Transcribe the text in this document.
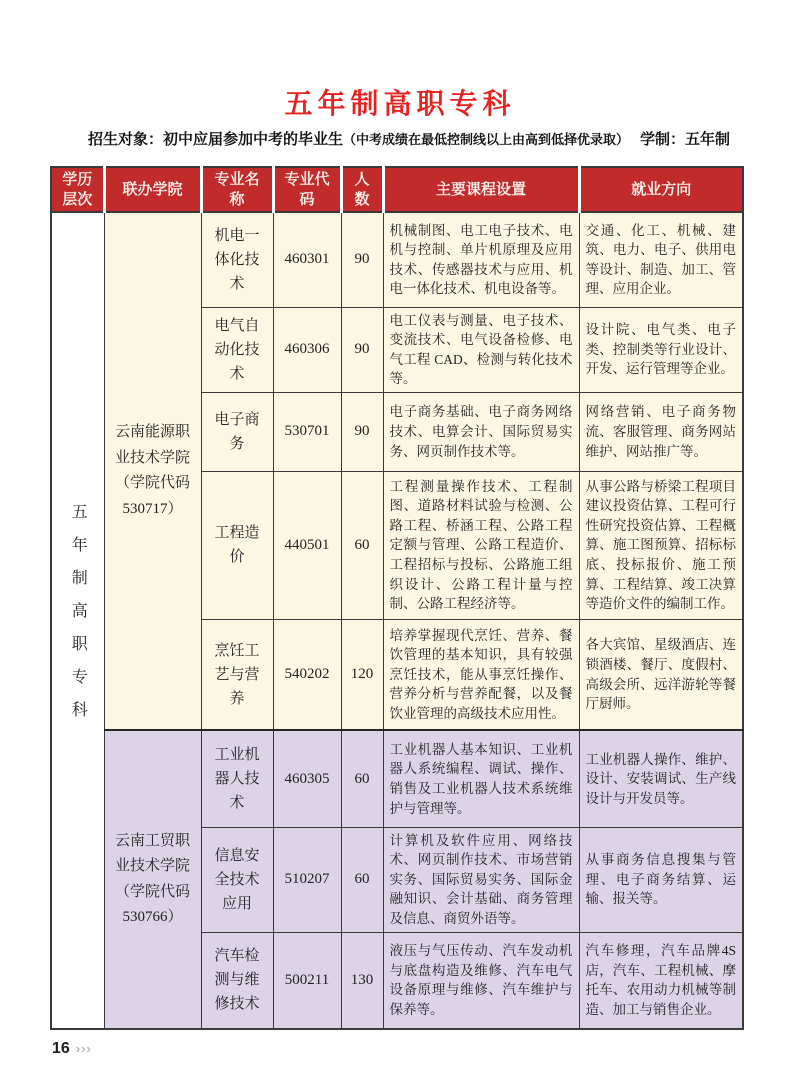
五年制高职专科
招生对象：初中应届参加中考的毕业生（中考成绩在最低控制线以上由高到低择优录取） 学制：五年制
学历层次	联办学院	专业名称	专业代码	人数	主要课程设置	就业方向
五年制高职专科	云南能源职业技术学院（学院代码 530717）	机电一体化技术	460301	90	机械制图、电工电子技术、电机与控制、单片机原理及应用技术、传感器技术与应用、机电一体化技术、机电设备等。	交通、化工、机械、建筑、电力、电子、供用电等设计、制造、加工、管理、应用企业。
		电气自动化技术	460306	90	电工仪表与测量、电子技术、变流技术、电气设备检修、电气工程 CAD、检测与转化技术等。	设计院、电气类、电子类、控制类等行业设计、开发、运行管理等企业。
		电子商务	530701	90	电子商务基础、电子商务网络技术、电算会计、国际贸易实务、网页制作技术等。	网络营销、电子商务物流、客服管理、商务网站维护、网站推广等。
		工程造价	440501	60	工程测量操作技术、工程制图、道路材料试验与检测、公路工程、桥涵工程、公路工程定额与管理、公路工程造价、工程招标与投标、公路施工组织设计、公路工程计量与控制、公路工程经济等。	从事公路与桥梁工程项目建议投资估算、工程可行性研究投资估算、工程概算、施工图预算、招标标底、投标报价、施工预算、工程结算、竣工决算等造价文件的编制工作。
		烹饪工艺与营养	540202	120	培养掌握现代烹饪、营养、餐饮管理的基本知识，具有较强烹饪技术，能从事烹饪操作、营养分析与营养配餐，以及餐饮业管理的高级技术应用性。	各大宾馆、星级酒店、连锁酒楼、餐厅、度假村、高级会所、远洋游轮等餐厅厨师。
	云南工贸职业技术学院（学院代码 530766）	工业机器人技术	460305	60	工业机器人基本知识、工业机器人系统编程、调试、操作、销售及工业机器人技术系统维护与管理等。	工业机器人操作、维护、设计、安装调试、生产线设计与开发员等。
		信息安全技术应用	510207	60	计算机及软件应用、网络技术、网页制作技术、市场营销实务、国际贸易实务、国际金融知识、会计基础、商务管理及信息、商贸外语等。	从事商务信息搜集与管理、电子商务结算、运输、报关等。
		汽车检测与维修技术	500211	130	液压与气压传动、汽车发动机与底盘构造及维修、汽车电气设备原理与维修、汽车维护与保养等。	汽车修理，汽车品牌4S店，汽车、工程机械、摩托车、农用动力机械等制造、加工与销售企业。
16 ›››
